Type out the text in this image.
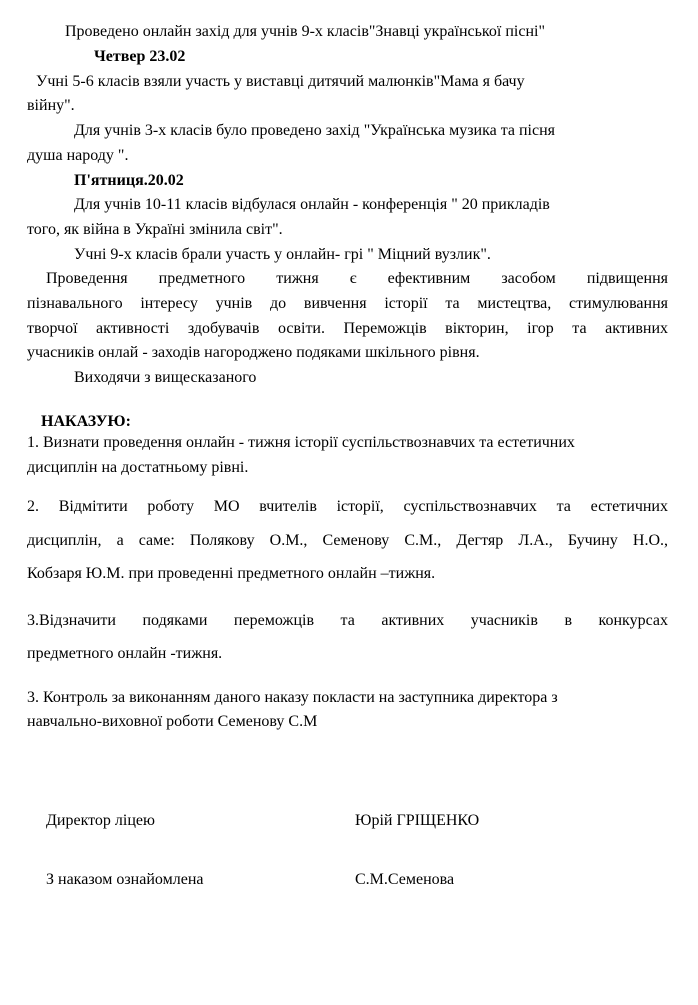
Проведено онлайн захід для учнів 9-х класів"Знавці української пісні"
Четвер 23.02
Учні 5-6 класів взяли участь у виставці дитячий малюнків"Мама я бачу
війну".
Для учнів 3-х класів було проведено захід "Українська музика та пісня
душа народу ".
П'ятниця.20.02
Для учнів 10-11 класів відбулася онлайн - конференція " 20 прикладів
того, як війна в Україні змінила світ".
Учні 9-х класів брали участь у онлайн- грі " Міцний вузлик".
Проведення предметного тижня є ефективним засобом підвищення
пізнавального інтересу учнів до вивчення історії та мистецтва, стимулювання
творчої активності здобувачів освіти. Переможців вікторин, ігор та активних
учасників онлай - заходів нагороджено подяками шкільного рівня.
Виходячи з вищесказаного
НАКАЗУЮ:
1. Визнати проведення онлайн - тижня історії суспільствознавчих та естетичних
дисциплін на достатньому рівні.
2. Відмітити роботу МО вчителів історії, суспільствознавчих та естетичних
дисциплін, а саме: Полякову О.М., Семенову С.М., Дегтяр Л.А., Бучину Н.О.,
Кобзаря Ю.М. при проведенні предметного онлайн –тижня.
3.Відзначити подяками переможців та активних учасників в конкурсах
предметного онлайн -тижня.
3. Контроль за виконанням даного наказу покласти на заступника директора з
навчально-виховної роботи Семенову С.М
Директор ліцею	Юрій ГРІЩЕНКО
З наказом ознайомлена	С.М.Семенова
